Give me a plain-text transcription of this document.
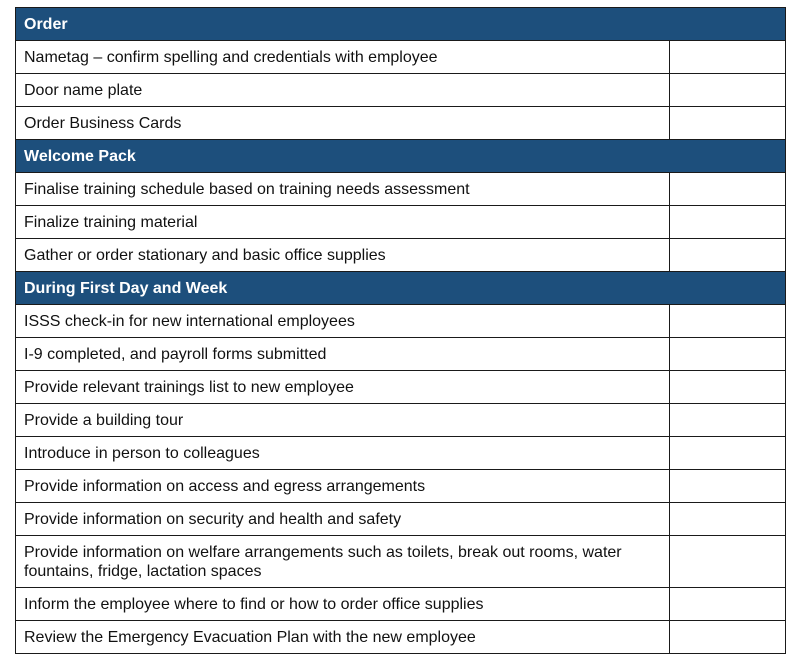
Order	
Nametag – confirm spelling and credentials with employee	
Door name plate	
Order Business Cards	
Welcome Pack	
Finalise training schedule based on training needs assessment	
Finalize training material	
Gather or order stationary and basic office supplies	
During First Day and Week	
ISSS check-in for new international employees	
I-9 completed, and payroll forms submitted	
Provide relevant trainings list to new employee	
Provide a building tour	
Introduce in person to colleagues	
Provide information on access and egress arrangements	
Provide information on security and health and safety	
Provide information on welfare arrangements such as toilets, break out rooms, water fountains, fridge, lactation spaces	
Inform the employee where to find or how to order office supplies	
Review the Emergency Evacuation Plan with the new employee	
